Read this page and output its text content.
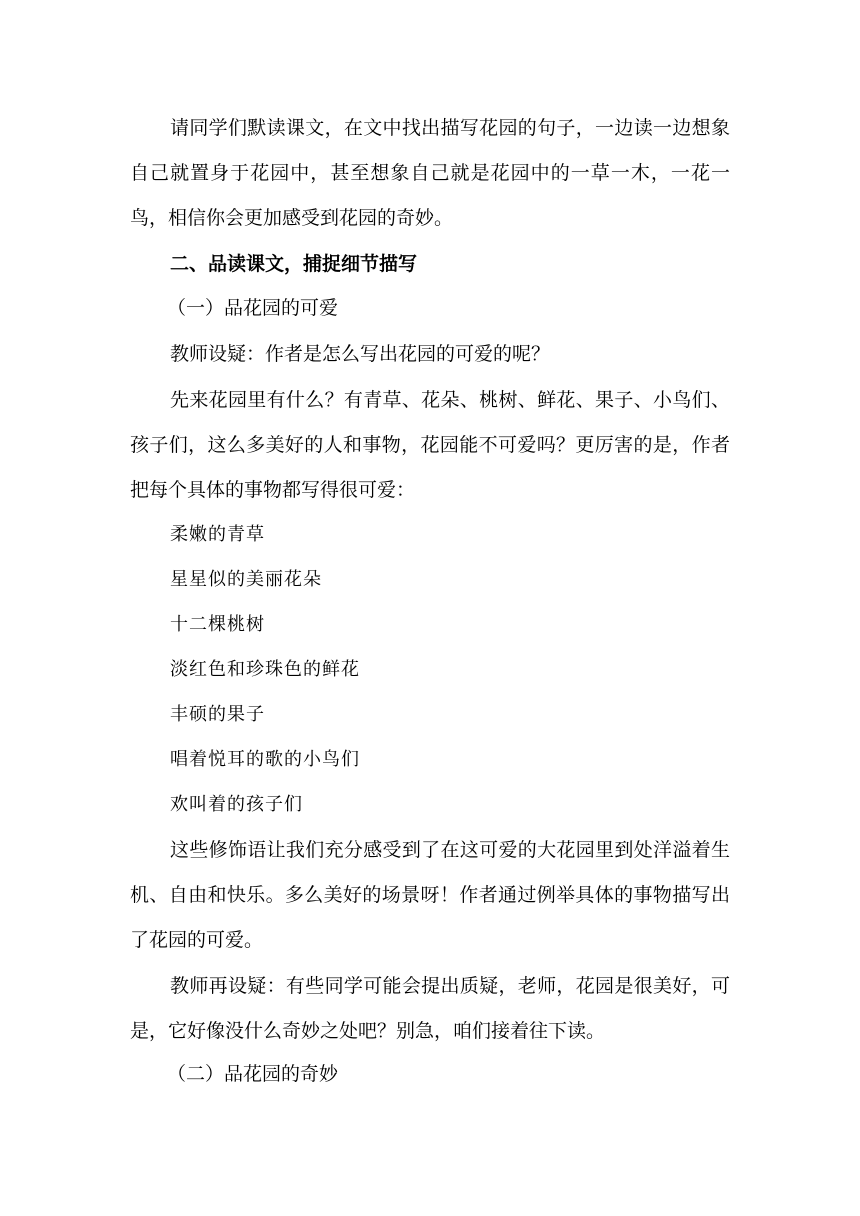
请同学们默读课文，在文中找出描写花园的句子，一边读一边想象自己就置身于花园中，甚至想象自己就是花园中的一草一木，一花一鸟，相信你会更加感受到花园的奇妙。

二、品读课文，捕捉细节描写

（一）品花园的可爱

教师设疑：作者是怎么写出花园的可爱的呢？

先来花园里有什么？有青草、花朵、桃树、鲜花、果子、小鸟们、孩子们，这么多美好的人和事物，花园能不可爱吗？更厉害的是，作者把每个具体的事物都写得很可爱：

柔嫩的青草

星星似的美丽花朵

十二棵桃树

淡红色和珍珠色的鲜花

丰硕的果子

唱着悦耳的歌的小鸟们

欢叫着的孩子们

这些修饰语让我们充分感受到了在这可爱的大花园里到处洋溢着生机、自由和快乐。多么美好的场景呀！作者通过例举具体的事物描写出了花园的可爱。

教师再设疑：有些同学可能会提出质疑，老师，花园是很美好，可是，它好像没什么奇妙之处吧？别急，咱们接着往下读。

（二）品花园的奇妙
